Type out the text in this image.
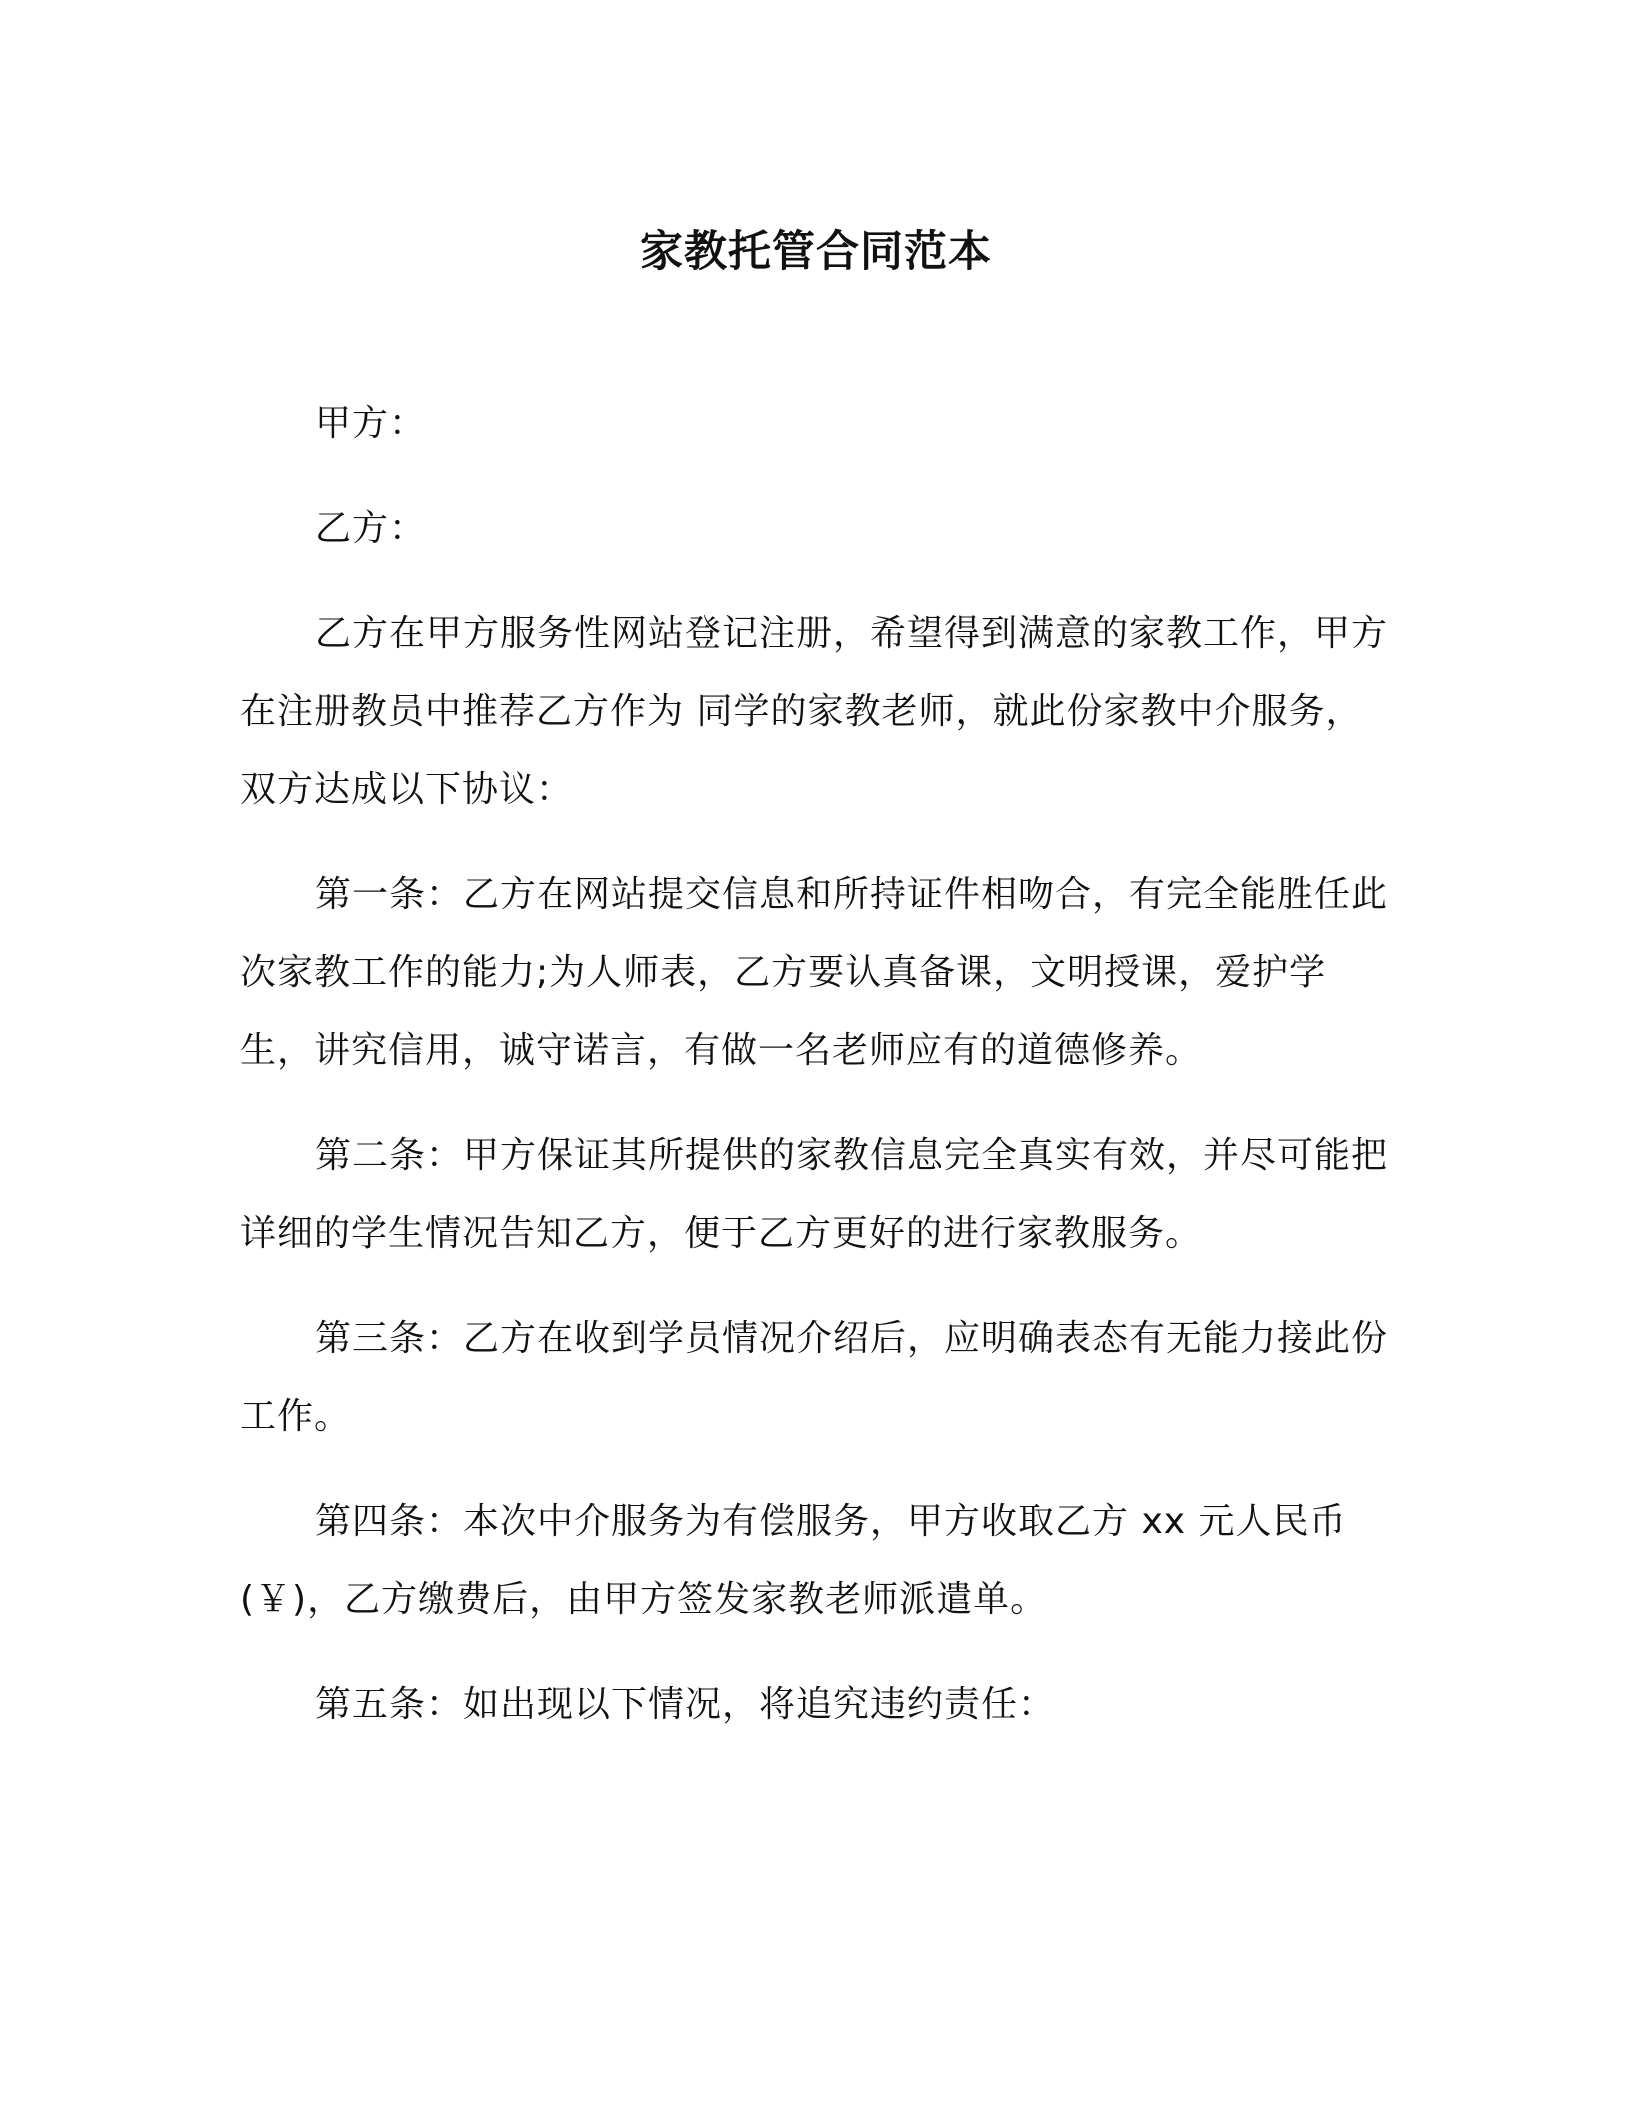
家教托管合同范本

甲方：

乙方：

乙方在甲方服务性网站登记注册，希望得到满意的家教工作，甲方在注册教员中推荐乙方作为 同学的家教老师，就此份家教中介服务，双方达成以下协议：

第一条：乙方在网站提交信息和所持证件相吻合，有完全能胜任此次家教工作的能力;为人师表，乙方要认真备课，文明授课，爱护学生，讲究信用，诚守诺言，有做一名老师应有的道德修养。

第二条：甲方保证其所提供的家教信息完全真实有效，并尽可能把详细的学生情况告知乙方，便于乙方更好的进行家教服务。

第三条：乙方在收到学员情况介绍后，应明确表态有无能力接此份工作。

第四条：本次中介服务为有偿服务，甲方收取乙方 xx 元人民币(￥)，乙方缴费后，由甲方签发家教老师派遣单。

第五条：如出现以下情况，将追究违约责任：
